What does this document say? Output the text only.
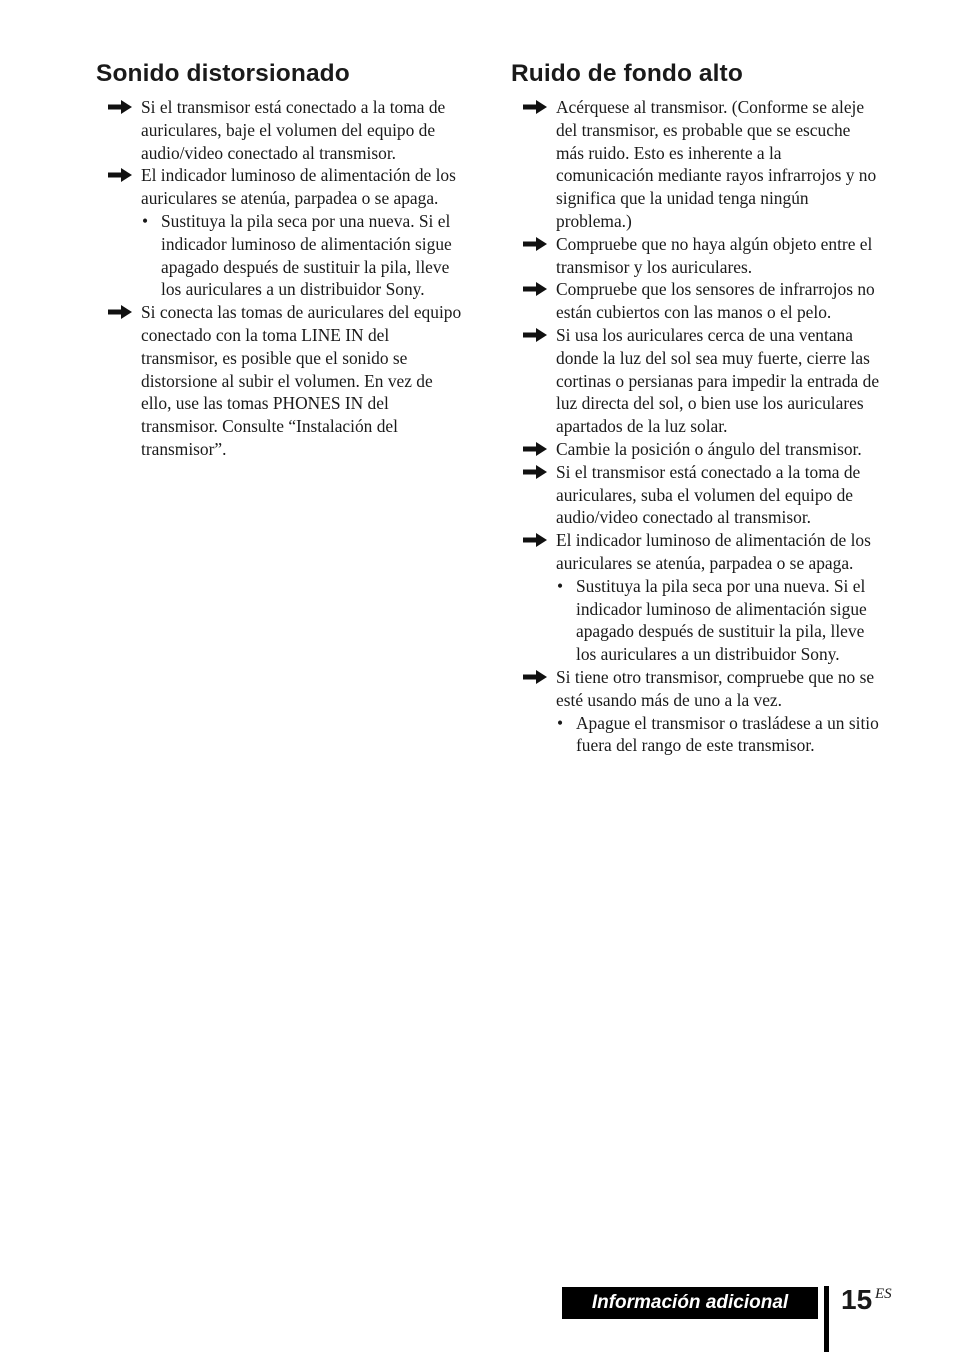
Sonido distorsionado
Si el transmisor está conectado a la toma de auriculares, baje el volumen del equipo de audio/video conectado al transmisor.
El indicador luminoso de alimentación de los auriculares se atenúa, parpadea o se apaga.
• Sustituya la pila seca por una nueva. Si el indicador luminoso de alimentación sigue apagado después de sustituir la pila, lleve los auriculares a un distribuidor Sony.
Si conecta las tomas de auriculares del equipo conectado con la toma LINE IN del transmisor, es posible que el sonido se distorsione al subir el volumen. En vez de ello, use las tomas PHONES IN del transmisor. Consulte “Instalación del transmisor”.
Ruido de fondo alto
Acérquese al transmisor. (Conforme se aleje del transmisor, es probable que se escuche más ruido. Esto es inherente a la comunicación mediante rayos infrarrojos y no significa que la unidad tenga ningún problema.)
Compruebe que no haya algún objeto entre el transmisor y los auriculares.
Compruebe que los sensores de infrarrojos no están cubiertos con las manos o el pelo.
Si usa los auriculares cerca de una ventana donde la luz del sol sea muy fuerte, cierre las cortinas o persianas para impedir la entrada de luz directa del sol, o bien use los auriculares apartados de la luz solar.
Cambie la posición o ángulo del transmisor.
Si el transmisor está conectado a la toma de auriculares, suba el volumen del equipo de audio/video conectado al transmisor.
El indicador luminoso de alimentación de los auriculares se atenúa, parpadea o se apaga.
• Sustituya la pila seca por una nueva. Si el indicador luminoso de alimentación sigue apagado después de sustituir la pila, lleve los auriculares a un distribuidor Sony.
Si tiene otro transmisor, compruebe que no se esté usando más de uno a la vez.
• Apague el transmisor o trasládese a un sitio fuera del rango de este transmisor.
Información adicional	15 ES
